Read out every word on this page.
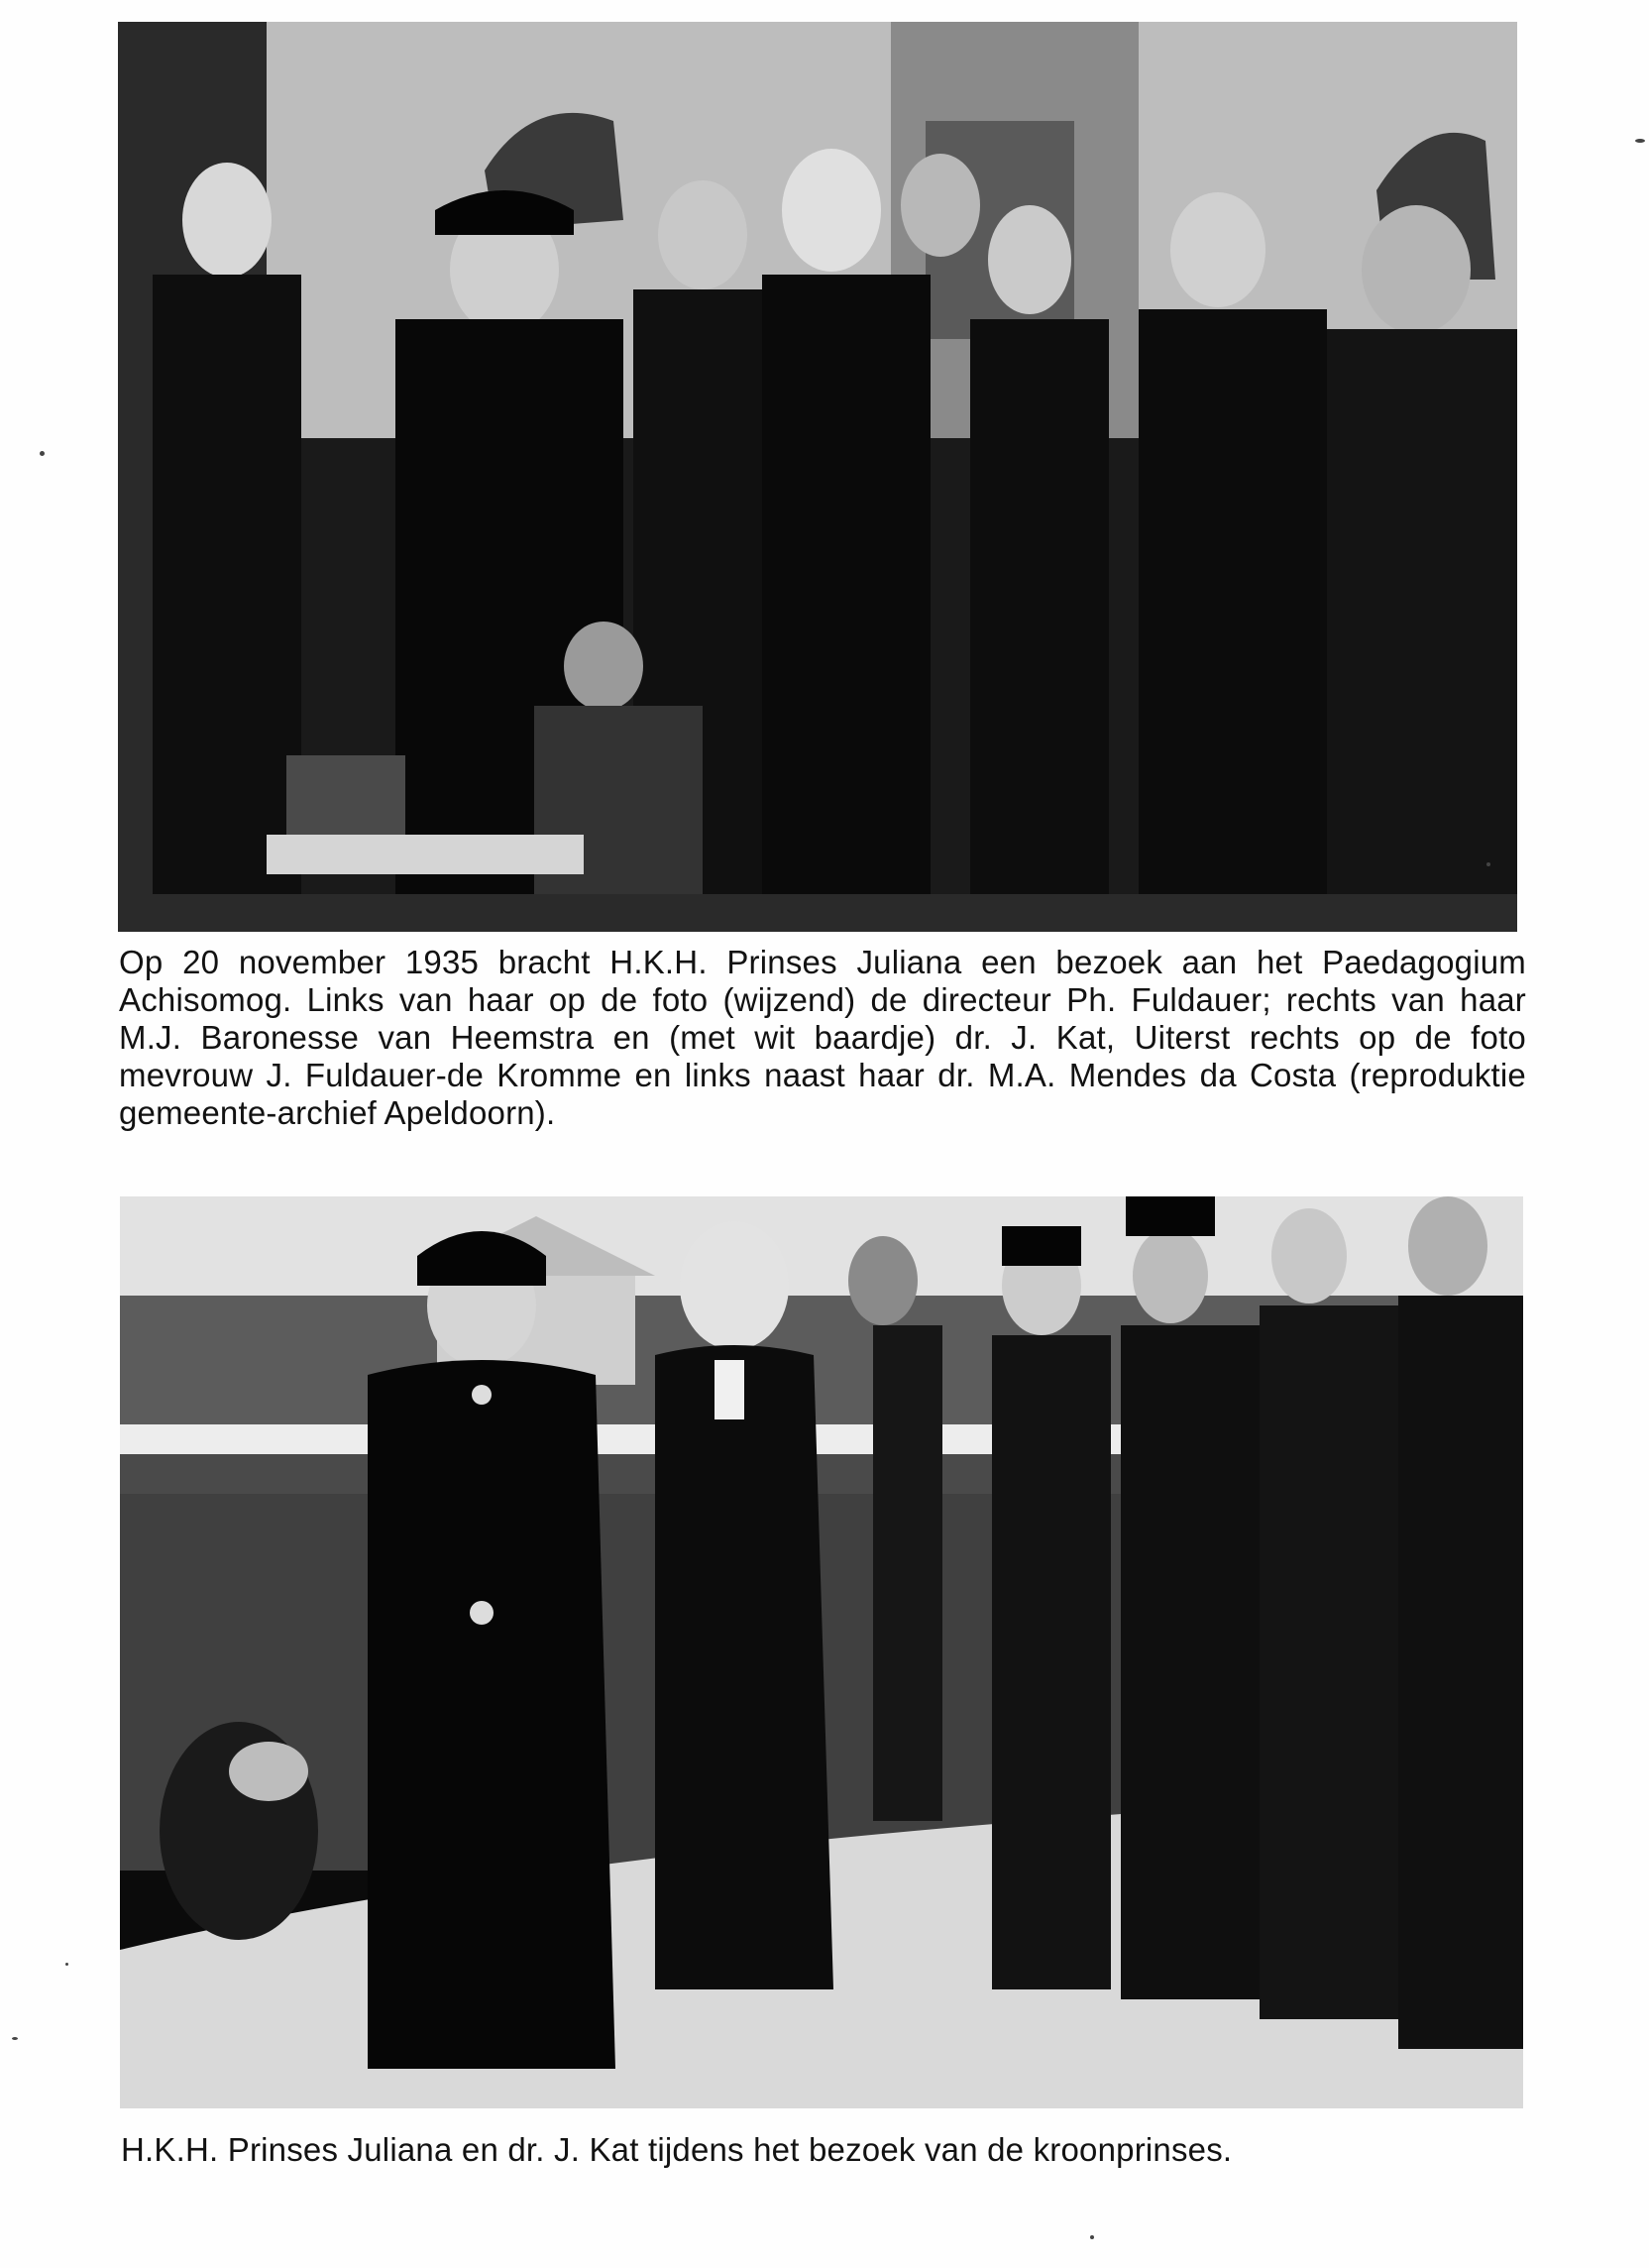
Op 20 november 1935 bracht H.K.H. Prinses Juliana een bezoek aan het Paedagogium
Achisomog. Links van haar op de foto (wijzend) de directeur Ph. Fuldauer; rechts van haar
M.J. Baronesse van Heemstra en (met wit baardje) dr. J. Kat, Uiterst rechts op de foto
mevrouw J. Fuldauer-de Kromme en links naast haar dr. M.A. Mendes da Costa (reproduktie
gemeente-archief Apeldoorn).
H.K.H. Prinses Juliana en dr. J. Kat tijdens het bezoek van de kroonprinses.
